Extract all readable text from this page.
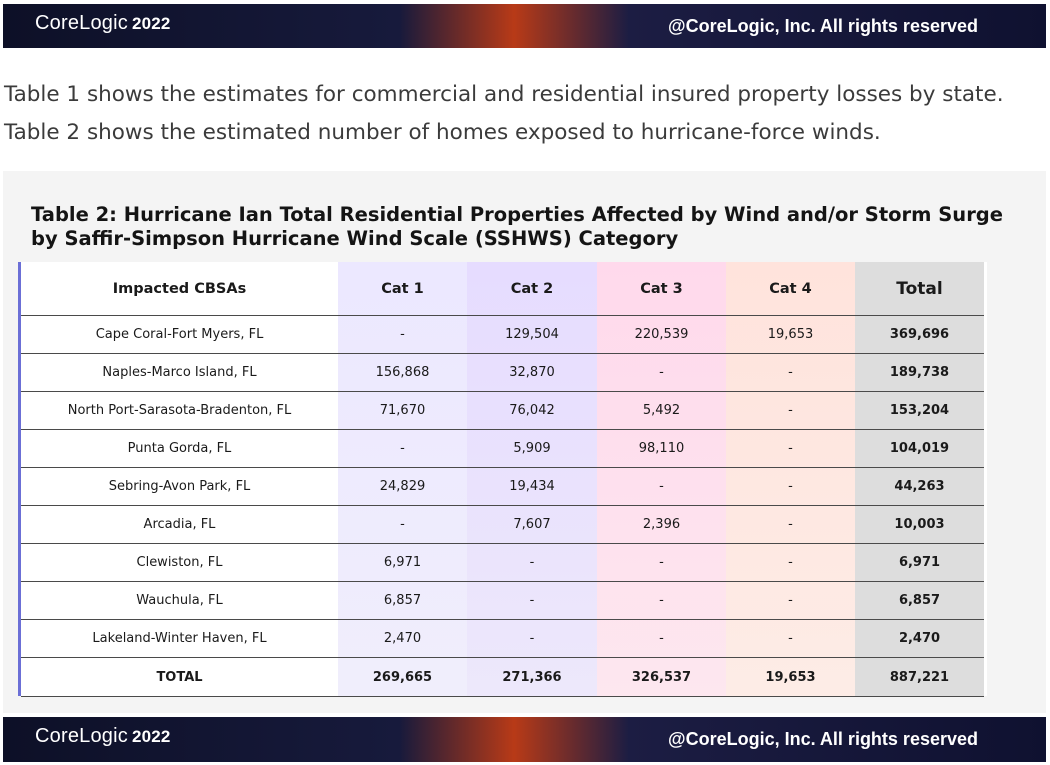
CoreLogic 2022	@CoreLogic, Inc. All rights reserved
Table 1 shows the estimates for commercial and residential insured property losses by state. Table 2 shows the estimated number of homes exposed to hurricane-force winds.
Table 2: Hurricane Ian Total Residential Properties Affected by Wind and/or Storm Surge by Saffir-Simpson Hurricane Wind Scale (SSHWS) Category
Impacted CBSAs	Cat 1	Cat 2	Cat 3	Cat 4	Total
Cape Coral-Fort Myers, FL	-	129,504	220,539	19,653	369,696
Naples-Marco Island, FL	156,868	32,870	-	-	189,738
North Port-Sarasota-Bradenton, FL	71,670	76,042	5,492	-	153,204
Punta Gorda, FL	-	5,909	98,110	-	104,019
Sebring-Avon Park, FL	24,829	19,434	-	-	44,263
Arcadia, FL	-	7,607	2,396	-	10,003
Clewiston, FL	6,971	-	-	-	6,971
Wauchula, FL	6,857	-	-	-	6,857
Lakeland-Winter Haven, FL	2,470	-	-	-	2,470
TOTAL	269,665	271,366	326,537	19,653	887,221
CoreLogic 2022	@CoreLogic, Inc. All rights reserved
